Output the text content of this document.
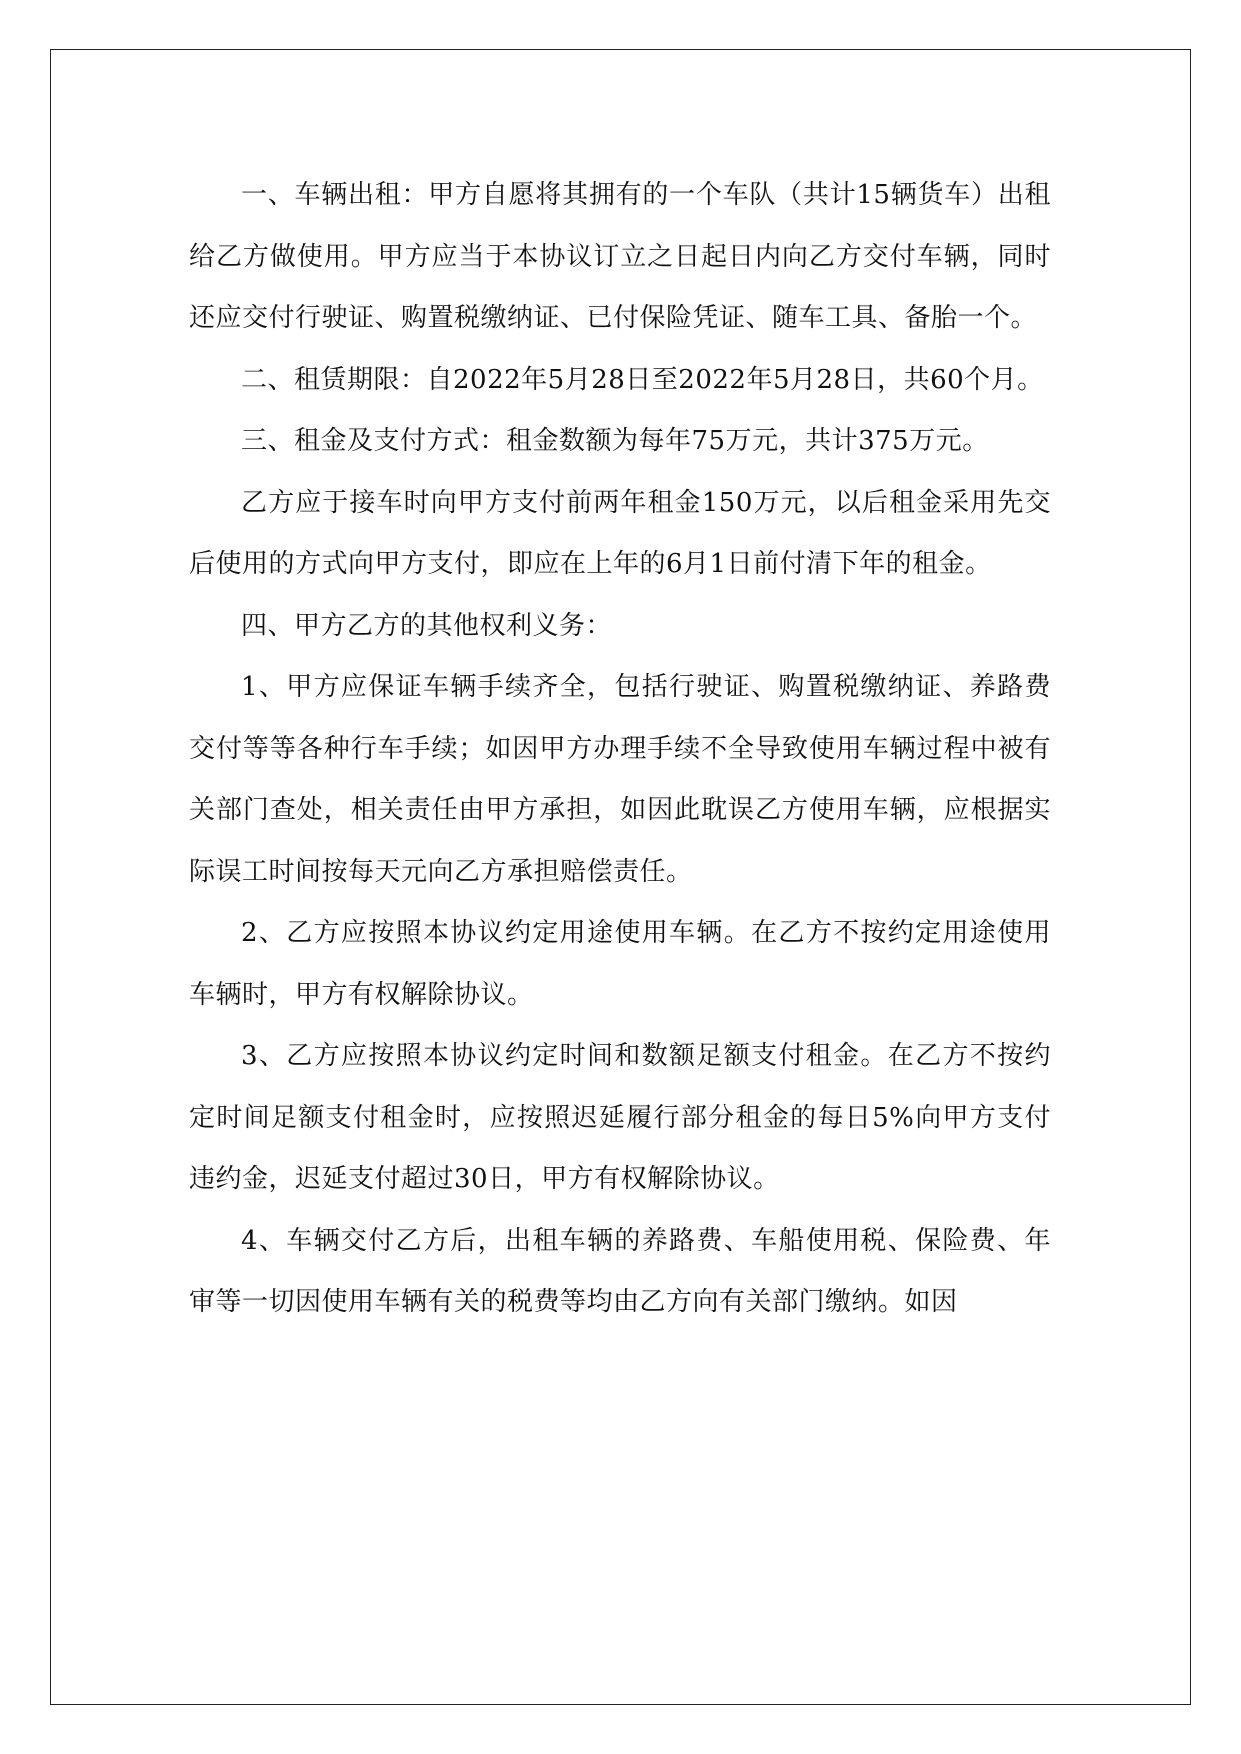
一、车辆出租：甲方自愿将其拥有的一个车队（共计15辆货车）出租给乙方做使用。甲方应当于本协议订立之日起日内向乙方交付车辆，同时还应交付行驶证、购置税缴纳证、已付保险凭证、随车工具、备胎一个。

二、租赁期限：自2022年5月28日至2022年5月28日，共60个月。

三、租金及支付方式：租金数额为每年75万元，共计375万元。

乙方应于接车时向甲方支付前两年租金150万元，以后租金采用先交后使用的方式向甲方支付，即应在上年的6月1日前付清下年的租金。

四、甲方乙方的其他权利义务：

1、甲方应保证车辆手续齐全，包括行驶证、购置税缴纳证、养路费交付等等各种行车手续；如因甲方办理手续不全导致使用车辆过程中被有关部门查处，相关责任由甲方承担，如因此耽误乙方使用车辆，应根据实际误工时间按每天元向乙方承担赔偿责任。

2、乙方应按照本协议约定用途使用车辆。在乙方不按约定用途使用车辆时，甲方有权解除协议。

3、乙方应按照本协议约定时间和数额足额支付租金。在乙方不按约定时间足额支付租金时，应按照迟延履行部分租金的每日5%向甲方支付违约金，迟延支付超过30日，甲方有权解除协议。

4、车辆交付乙方后，出租车辆的养路费、车船使用税、保险费、年审等一切因使用车辆有关的税费等均由乙方向有关部门缴纳。如因
